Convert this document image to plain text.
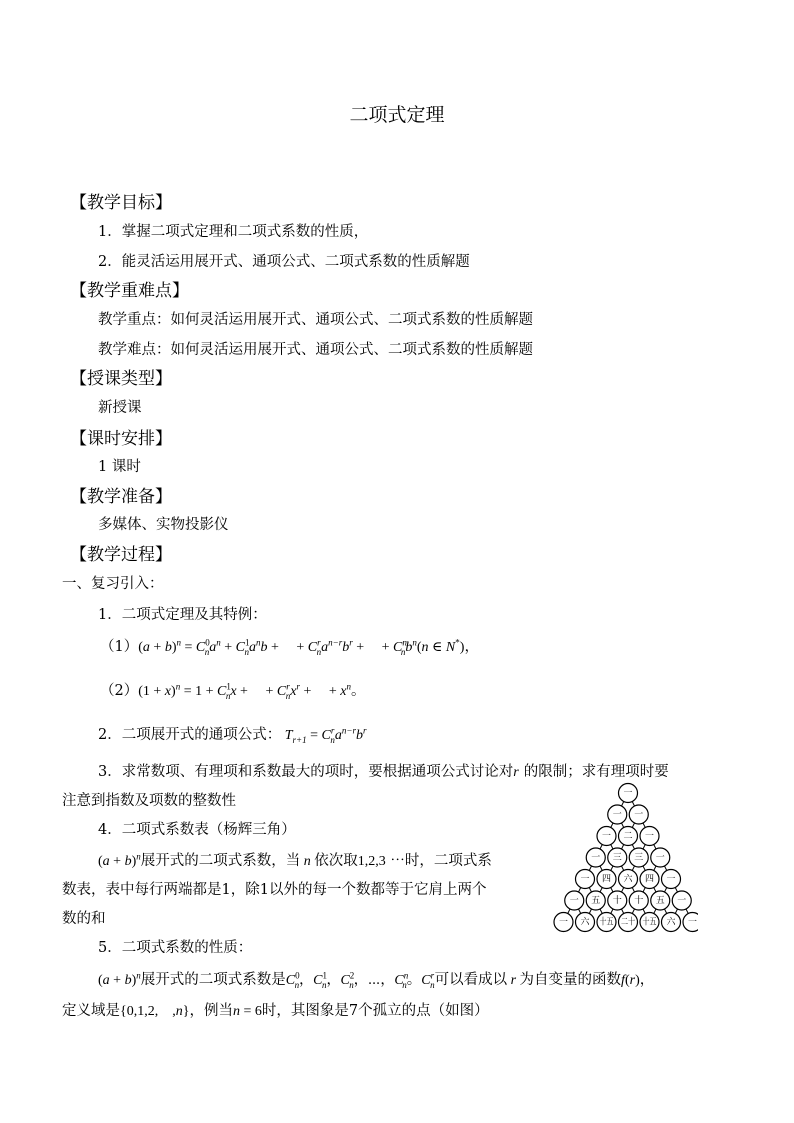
二项式定理
【教学目标】
1．掌握二项式定理和二项式系数的性质，
2．能灵活运用展开式、通项公式、二项式系数的性质解题
【教学重难点】
教学重点：如何灵活运用展开式、通项公式、二项式系数的性质解题
教学难点：如何灵活运用展开式、通项公式、二项式系数的性质解题
【授课类型】
新授课
【课时安排】
1 课时
【教学准备】
多媒体、实物投影仪
【教学过程】
一、复习引入：
1．二项式定理及其特例：
$(1)(a + b)^n = C^0_na^n + C^1_na^nb$ +     + $C^r_na^{n-r}b^r$ +     + $C^n_nb^n(n$ ∈ N*)，
$(2)(1 + x)^n = 1 + C^1_nx$ +     + $C^r_nx^r$ +     + $x^n$。
2．二项展开式的通项公式： $T_{r+1} = C^r_na^{n-r}b^r$
3．求常数项、有理项和系数最大的项时，要根据通项公式讨论对r 的限制；求有理项时要
注意到指数及项数的整数性
4．二项式系数表（杨辉三角）
$(a + b)^n$展开式的二项式系数，当 n 依次取1,2,3 ⋯时，二项式系
数表，表中每行两端都是1，除1以外的每一个数都等于它肩上两个
数的和
一
一 一
一 二 一
一 三 三 一
一 四 六 四 一
一 五 十 十 五 一
一 六 十五 二十 十五 六 一
5．二项式系数的性质：
$(a + b)^n$展开式的二项式系数是$C^0_n$，$C^1_n$，$C^2_n$，⋯，$C^n_n$。$C^r_n$可以看成以 r 为自变量的函数f(r)，
定义域是{0,1,2,    ,n}，例当n = 6时，其图象是7个孤立的点（如图）
